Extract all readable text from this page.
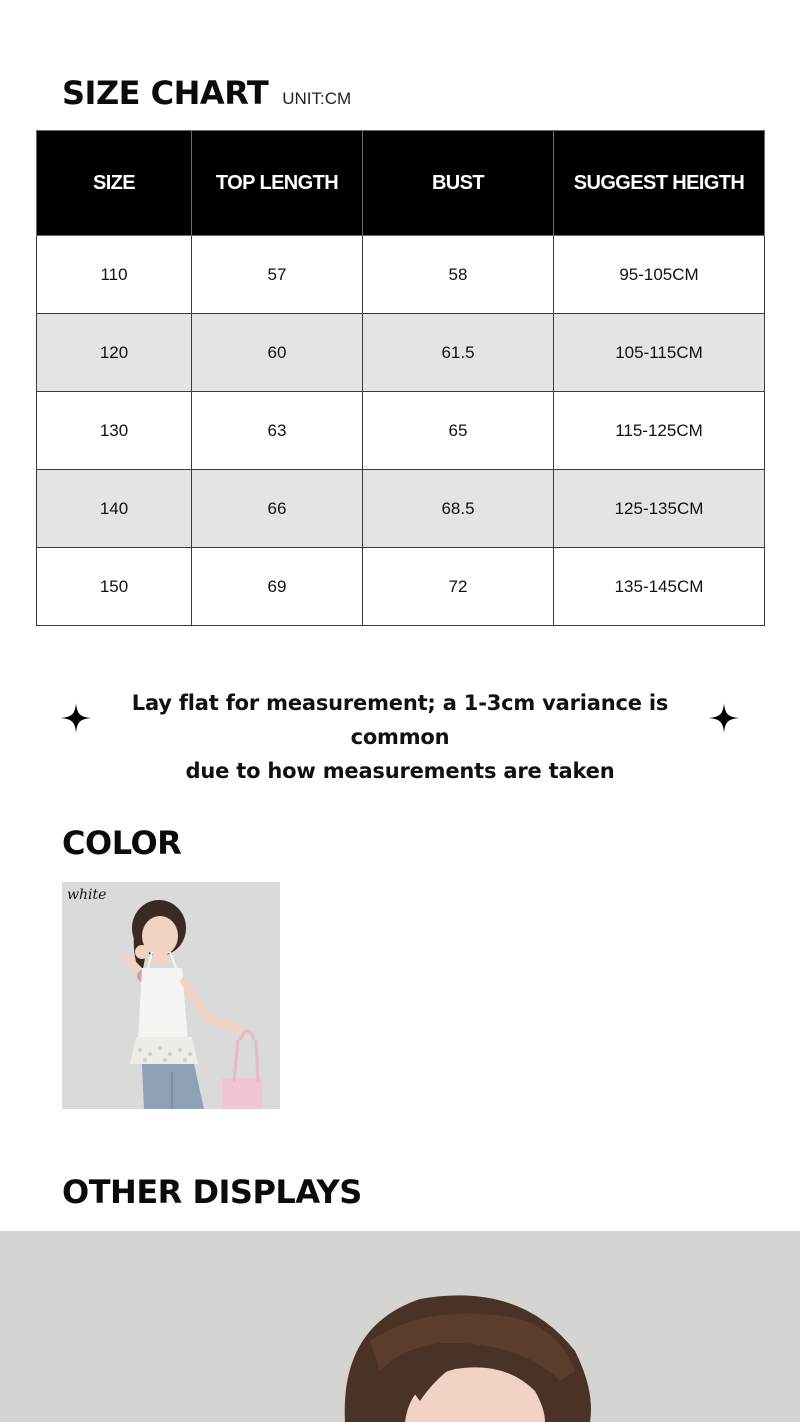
SIZE CHART UNIT:CM
SIZE	TOP LENGTH	BUST	SUGGEST HEIGTH
110	57	58	95-105CM
120	60	61.5	105-115CM
130	63	65	115-125CM
140	66	68.5	125-135CM
150	69	72	135-145CM
Lay flat for measurement; a 1-3cm variance is common
due to how measurements are taken
COLOR
white
OTHER DISPLAYS
